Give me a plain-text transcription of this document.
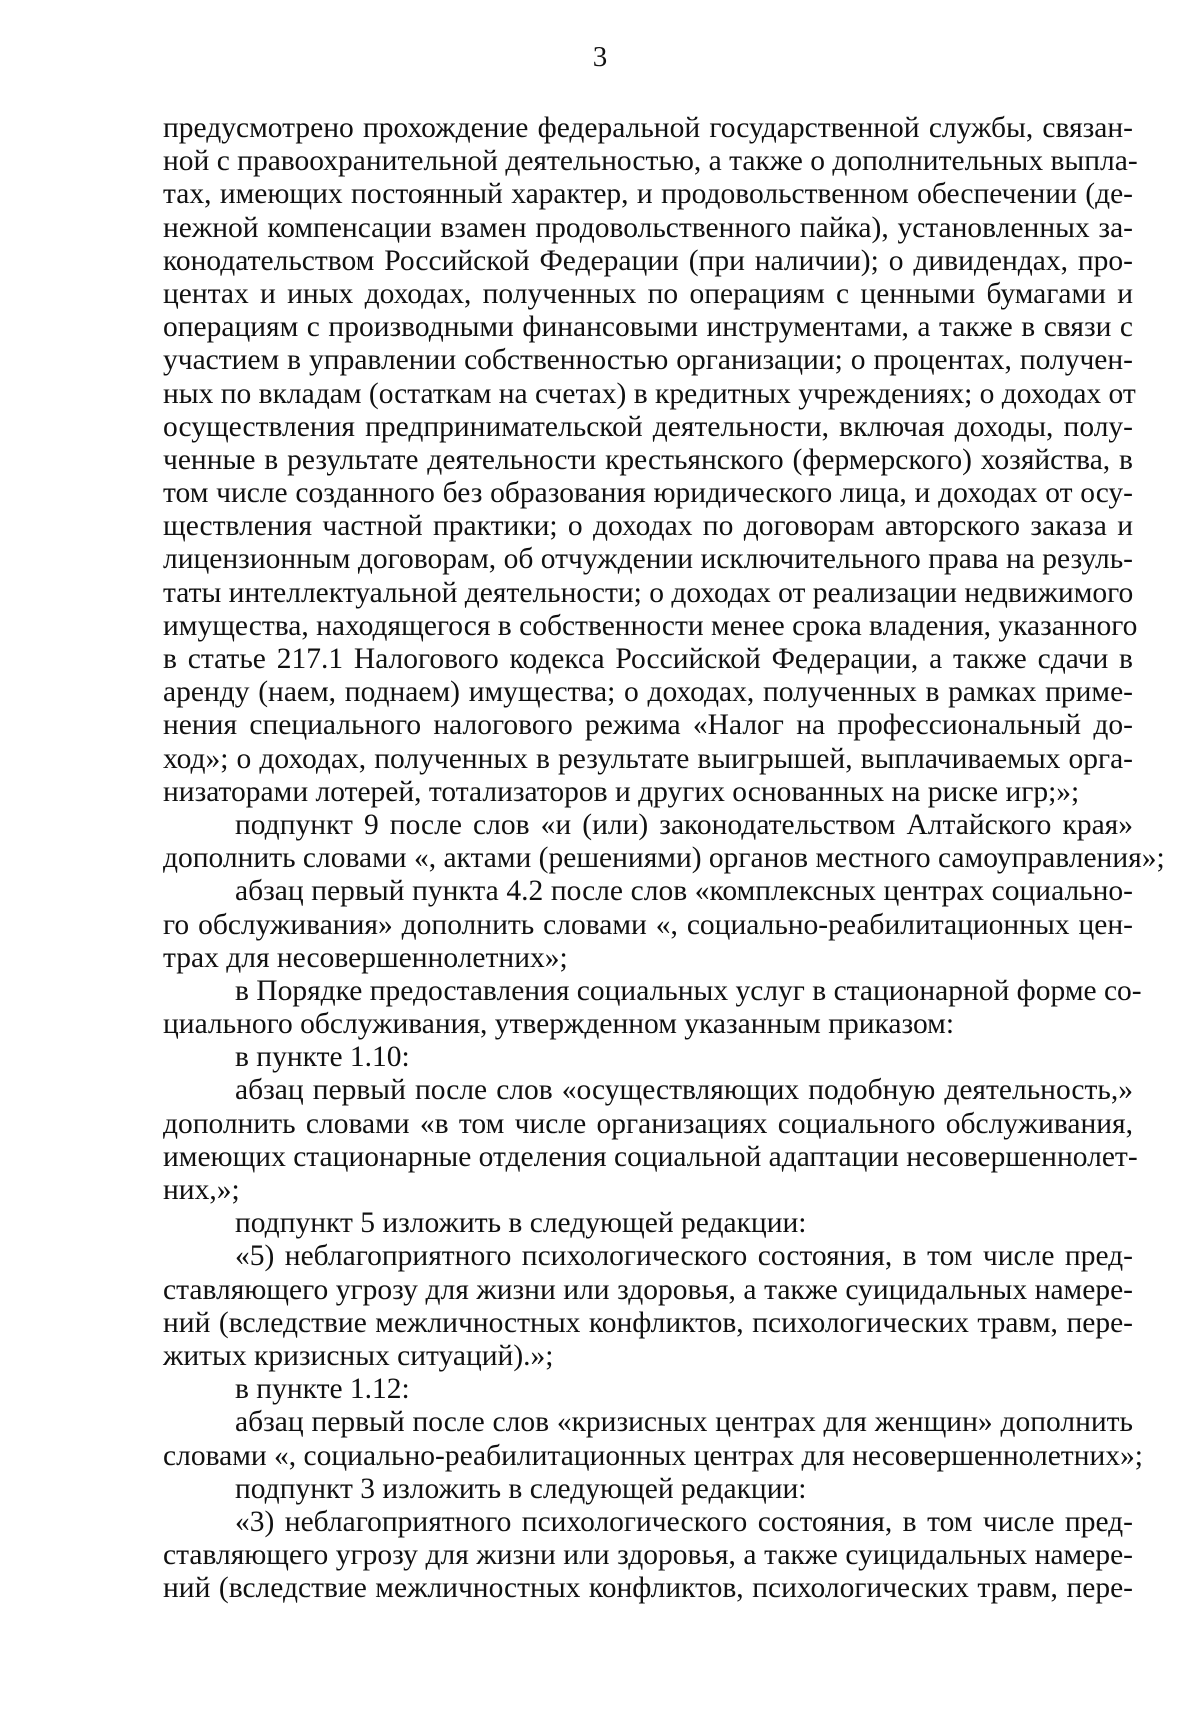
3
предусмотрено прохождение федеральной государственной службы, связан-
ной с правоохранительной деятельностью, а также о дополнительных выпла-
тах, имеющих постоянный характер, и продовольственном обеспечении (де-
нежной компенсации взамен продовольственного пайка), установленных за-
конодательством Российской Федерации (при наличии); о дивидендах, про-
центах и иных доходах, полученных по операциям с ценными бумагами и
операциям с производными финансовыми инструментами, а также в связи с
участием в управлении собственностью организации; о процентах, получен-
ных по вкладам (остаткам на счетах) в кредитных учреждениях; о доходах от
осуществления предпринимательской деятельности, включая доходы, полу-
ченные в результате деятельности крестьянского (фермерского) хозяйства, в
том числе созданного без образования юридического лица, и доходах от осу-
ществления частной практики; о доходах по договорам авторского заказа и
лицензионным договорам, об отчуждении исключительного права на резуль-
таты интеллектуальной деятельности; о доходах от реализации недвижимого
имущества, находящегося в собственности менее срока владения, указанного
в статье 217.1 Налогового кодекса Российской Федерации, а также сдачи в
аренду (наем, поднаем) имущества; о доходах, полученных в рамках приме-
нения специального налогового режима «Налог на профессиональный до-
ход»; о доходах, полученных в результате выигрышей, выплачиваемых орга-
низаторами лотерей, тотализаторов и других основанных на риске игр;»;
подпункт 9 после слов «и (или) законодательством Алтайского края»
дополнить словами «, актами (решениями) органов местного самоуправления»;
абзац первый пункта 4.2 после слов «комплексных центрах социально-
го обслуживания» дополнить словами «, социально-реабилитационных цен-
трах для несовершеннолетних»;
в Порядке предоставления социальных услуг в стационарной форме со-
циального обслуживания, утвержденном указанным приказом:
в пункте 1.10:
абзац первый после слов «осуществляющих подобную деятельность,»
дополнить словами «в том числе организациях социального обслуживания,
имеющих стационарные отделения социальной адаптации несовершеннолет-
них,»;
подпункт 5 изложить в следующей редакции:
«5) неблагоприятного психологического состояния, в том числе пред-
ставляющего угрозу для жизни или здоровья, а также суицидальных намере-
ний (вследствие межличностных конфликтов, психологических травм, пере-
житых кризисных ситуаций).»;
в пункте 1.12:
абзац первый после слов «кризисных центрах для женщин» дополнить
словами «, социально-реабилитационных центрах для несовершеннолетних»;
подпункт 3 изложить в следующей редакции:
«3) неблагоприятного психологического состояния, в том числе пред-
ставляющего угрозу для жизни или здоровья, а также суицидальных намере-
ний (вследствие межличностных конфликтов, психологических травм, пере-
